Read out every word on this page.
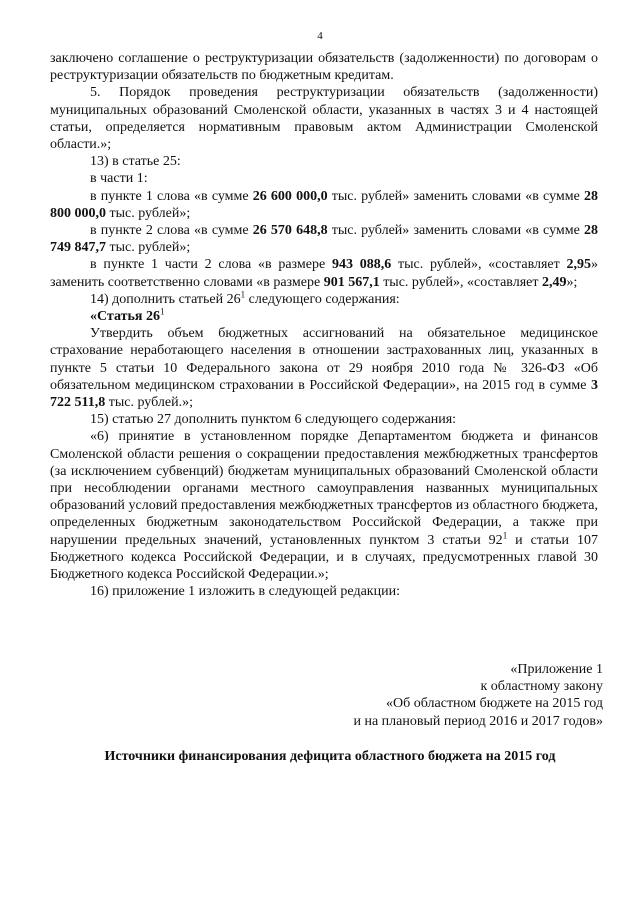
4

заключено соглашение о реструктуризации обязательств (задолженности) по договорам о реструктуризации обязательств по бюджетным кредитам.

5. Порядок проведения реструктуризации обязательств (задолженности) муниципальных образований Смоленской области, указанных в частях 3 и 4 настоящей статьи, определяется нормативным правовым актом Администрации Смоленской области.»;

13) в статье 25:

в части 1:

в пункте 1 слова «в сумме 26 600 000,0 тыс. рублей» заменить словами «в сумме 28 800 000,0 тыс. рублей»;

в пункте 2 слова «в сумме 26 570 648,8 тыс. рублей» заменить словами «в сумме 28 749 847,7 тыс. рублей»;

в пункте 1 части 2 слова «в размере 943 088,6 тыс. рублей», «составляет 2,95» заменить соответственно словами «в размере 901 567,1 тыс. рублей», «составляет 2,49»;

14) дополнить статьей $26^1$ следующего содержания:

«Статья $26^1$

Утвердить объем бюджетных ассигнований на обязательное медицинское страхование неработающего населения в отношении застрахованных лиц, указанных в пункте 5 статьи 10 Федерального закона от 29 ноября 2010 года № 326-ФЗ «Об обязательном медицинском страховании в Российской Федерации», на 2015 год в сумме 3 722 511,8 тыс. рублей.»;

15) статью 27 дополнить пунктом 6 следующего содержания:

«6) принятие в установленном порядке Департаментом бюджета и финансов Смоленской области решения о сокращении предоставления межбюджетных трансфертов (за исключением субвенций) бюджетам муниципальных образований Смоленской области при несоблюдении органами местного самоуправления названных муниципальных образований условий предоставления межбюджетных трансфертов из областного бюджета, определенных бюджетным законодательством Российской Федерации, а также при нарушении предельных значений, установленных пунктом 3 статьи $92^1$ и статьи 107 Бюджетного кодекса Российской Федерации, и в случаях, предусмотренных главой 30 Бюджетного кодекса Российской Федерации.»;

16) приложение 1 изложить в следующей редакции:

«Приложение 1

к областному закону

«Об областном бюджете на 2015 год

и на плановый период 2016 и 2017 годов»

Источники финансирования дефицита областного бюджета на 2015 год
